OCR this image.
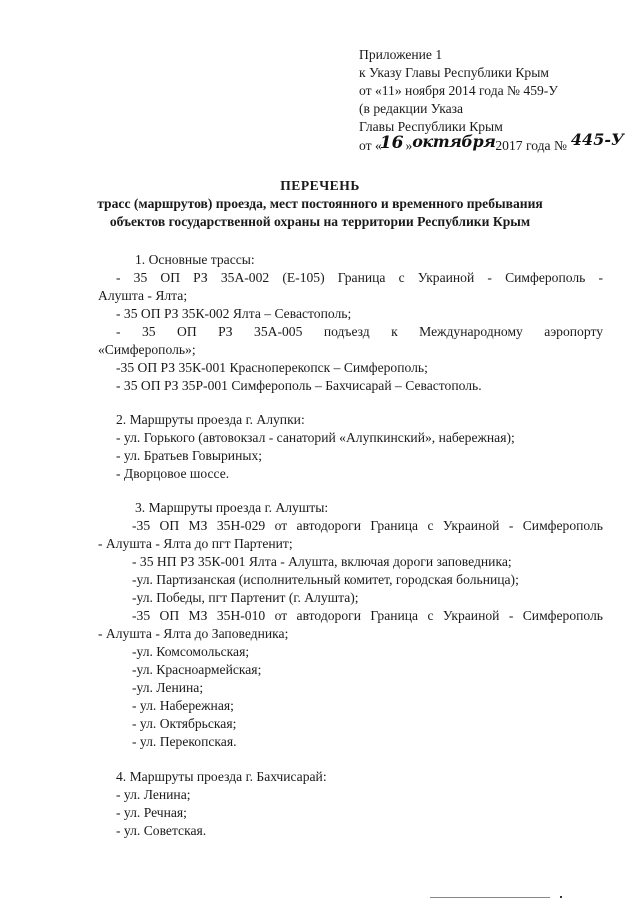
Приложение 1
к Указу Главы Республики Крым
от «11» ноября 2014 года № 459-У
(в редакции Указа
Главы Республики Крым
от «16 »октября2017 года № 445-У
ПЕРЕЧЕНЬ
трасс (маршрутов) проезда, мест постоянного и временного пребывания
объектов государственной охраны на территории Республики Крым
1. Основные трассы:
- 35 ОП РЗ 35А-002 (Е-105) Граница с Украиной - Симферополь -
Алушта - Ялта;
- 35 ОП РЗ 35К-002 Ялта – Севастополь;
- 35 ОП РЗ 35А-005 подъезд к Международному аэропорту
«Симферополь»;
-35 ОП РЗ 35К-001 Красноперекопск – Симферополь;
- 35 ОП РЗ 35Р-001 Симферополь – Бахчисарай – Севастополь.
2. Маршруты проезда г. Алупки:
- ул. Горького (автовокзал - санаторий «Алупкинский», набережная);
- ул. Братьев Говыриных;
- Дворцовое шоссе.
3. Маршруты проезда г. Алушты:
-35 ОП МЗ 35Н-029 от автодороги Граница с Украиной - Симферополь
- Алушта - Ялта до пгт Партенит;
- 35 НП РЗ 35К-001 Ялта - Алушта, включая дороги заповедника;
-ул. Партизанская (исполнительный комитет, городская больница);
-ул. Победы, пгт Партенит (г. Алушта);
-35 ОП МЗ 35Н-010 от автодороги Граница с Украиной - Симферополь
- Алушта - Ялта до Заповедника;
-ул. Комсомольская;
-ул. Красноармейская;
-ул. Ленина;
- ул. Набережная;
- ул. Октябрьская;
- ул. Перекопская.
4. Маршруты проезда г. Бахчисарай:
- ул. Ленина;
- ул. Речная;
- ул. Советская.
